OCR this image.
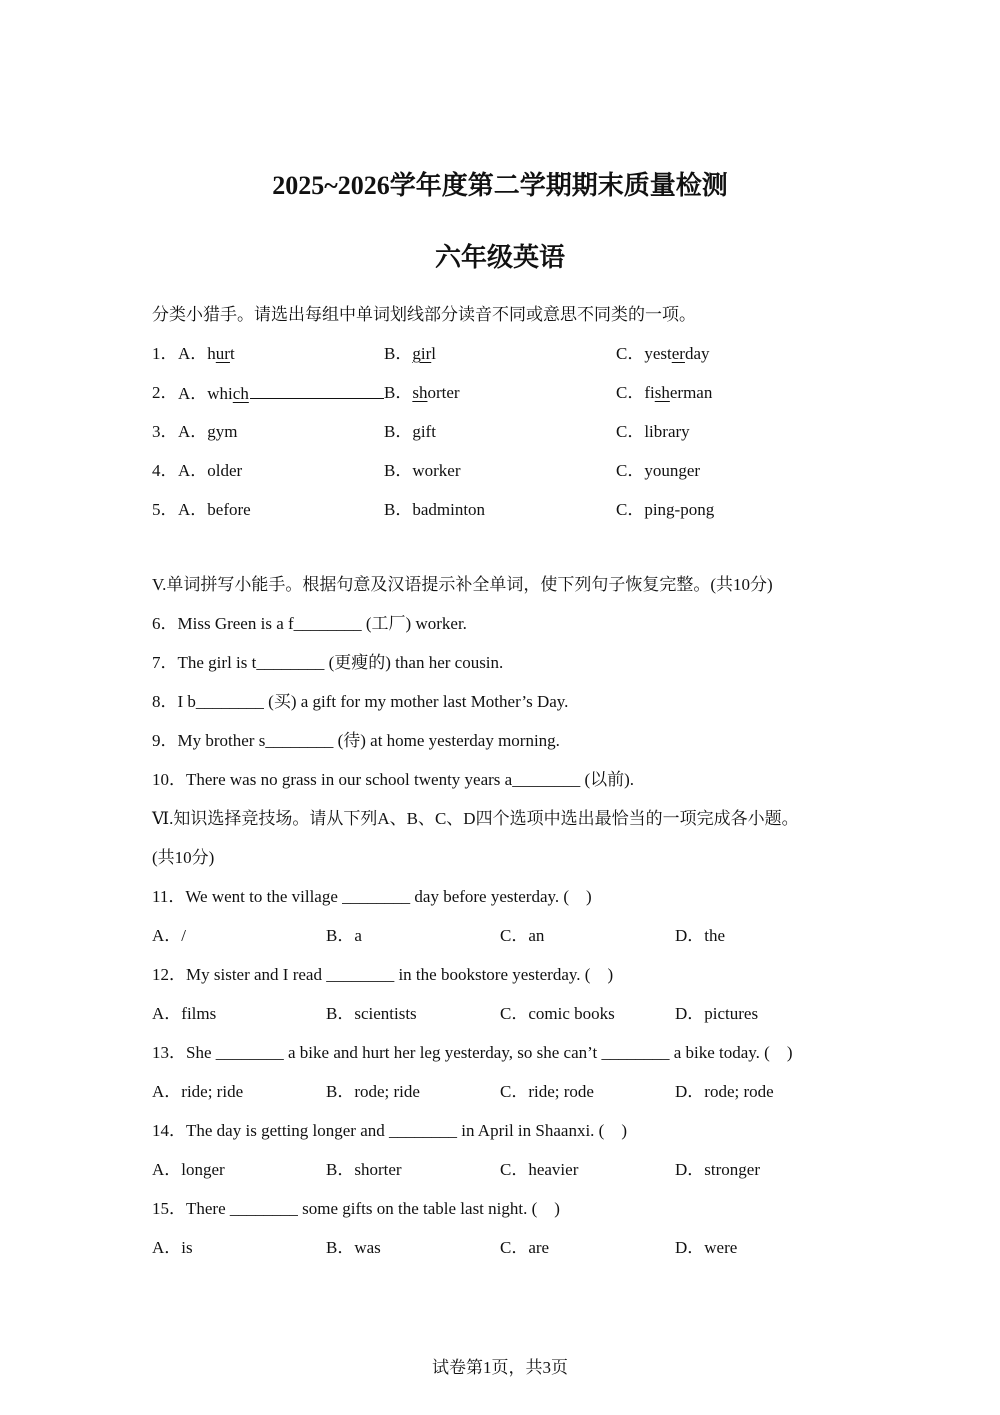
2025~2026学年度第二学期期末质量检测
六年级英语
分类小猎手。请选出每组中单词划线部分读音不同或意思不同类的一项。
1． A．hurt	B．girl	C．yesterday
2． A．which	B．shorter	C．fisherman
3． A．gym	B．gift	C．library
4． A．older	B．worker	C．younger
5． A．before	B．badminton	C．ping-pong
V.单词拼写小能手。根据句意及汉语提示补全单词，使下列句子恢复完整。(共10分)
6．Miss Green is a f________ (工厂) worker.
7．The girl is t________ (更瘦的) than her cousin.
8．I b________ (买) a gift for my mother last Mother’s Day.
9．My brother s________ (待) at home yesterday morning.
10．There was no grass in our school twenty years a________ (以前).
Ⅵ.知识选择竞技场。请从下列A、B、C、D四个选项中选出最恰当的一项完成各小题。
(共10分)
11．We went to the village ________ day before yesterday. (　)
A．/	B．a	C．an	D．the
12．My sister and I read ________ in the bookstore yesterday. (　)
A．films	B．scientists	C．comic books	D．pictures
13．She ________ a bike and hurt her leg yesterday, so she can’t ________ a bike today. (　)
A．ride; ride	B．rode; ride	C．ride; rode	D．rode; rode
14．The day is getting longer and ________ in April in Shaanxi. (　)
A．longer	B．shorter	C．heavier	D．stronger
15．There ________ some gifts on the table last night. (　)
A．is	B．was	C．are	D．were
试卷第1页，共3页
